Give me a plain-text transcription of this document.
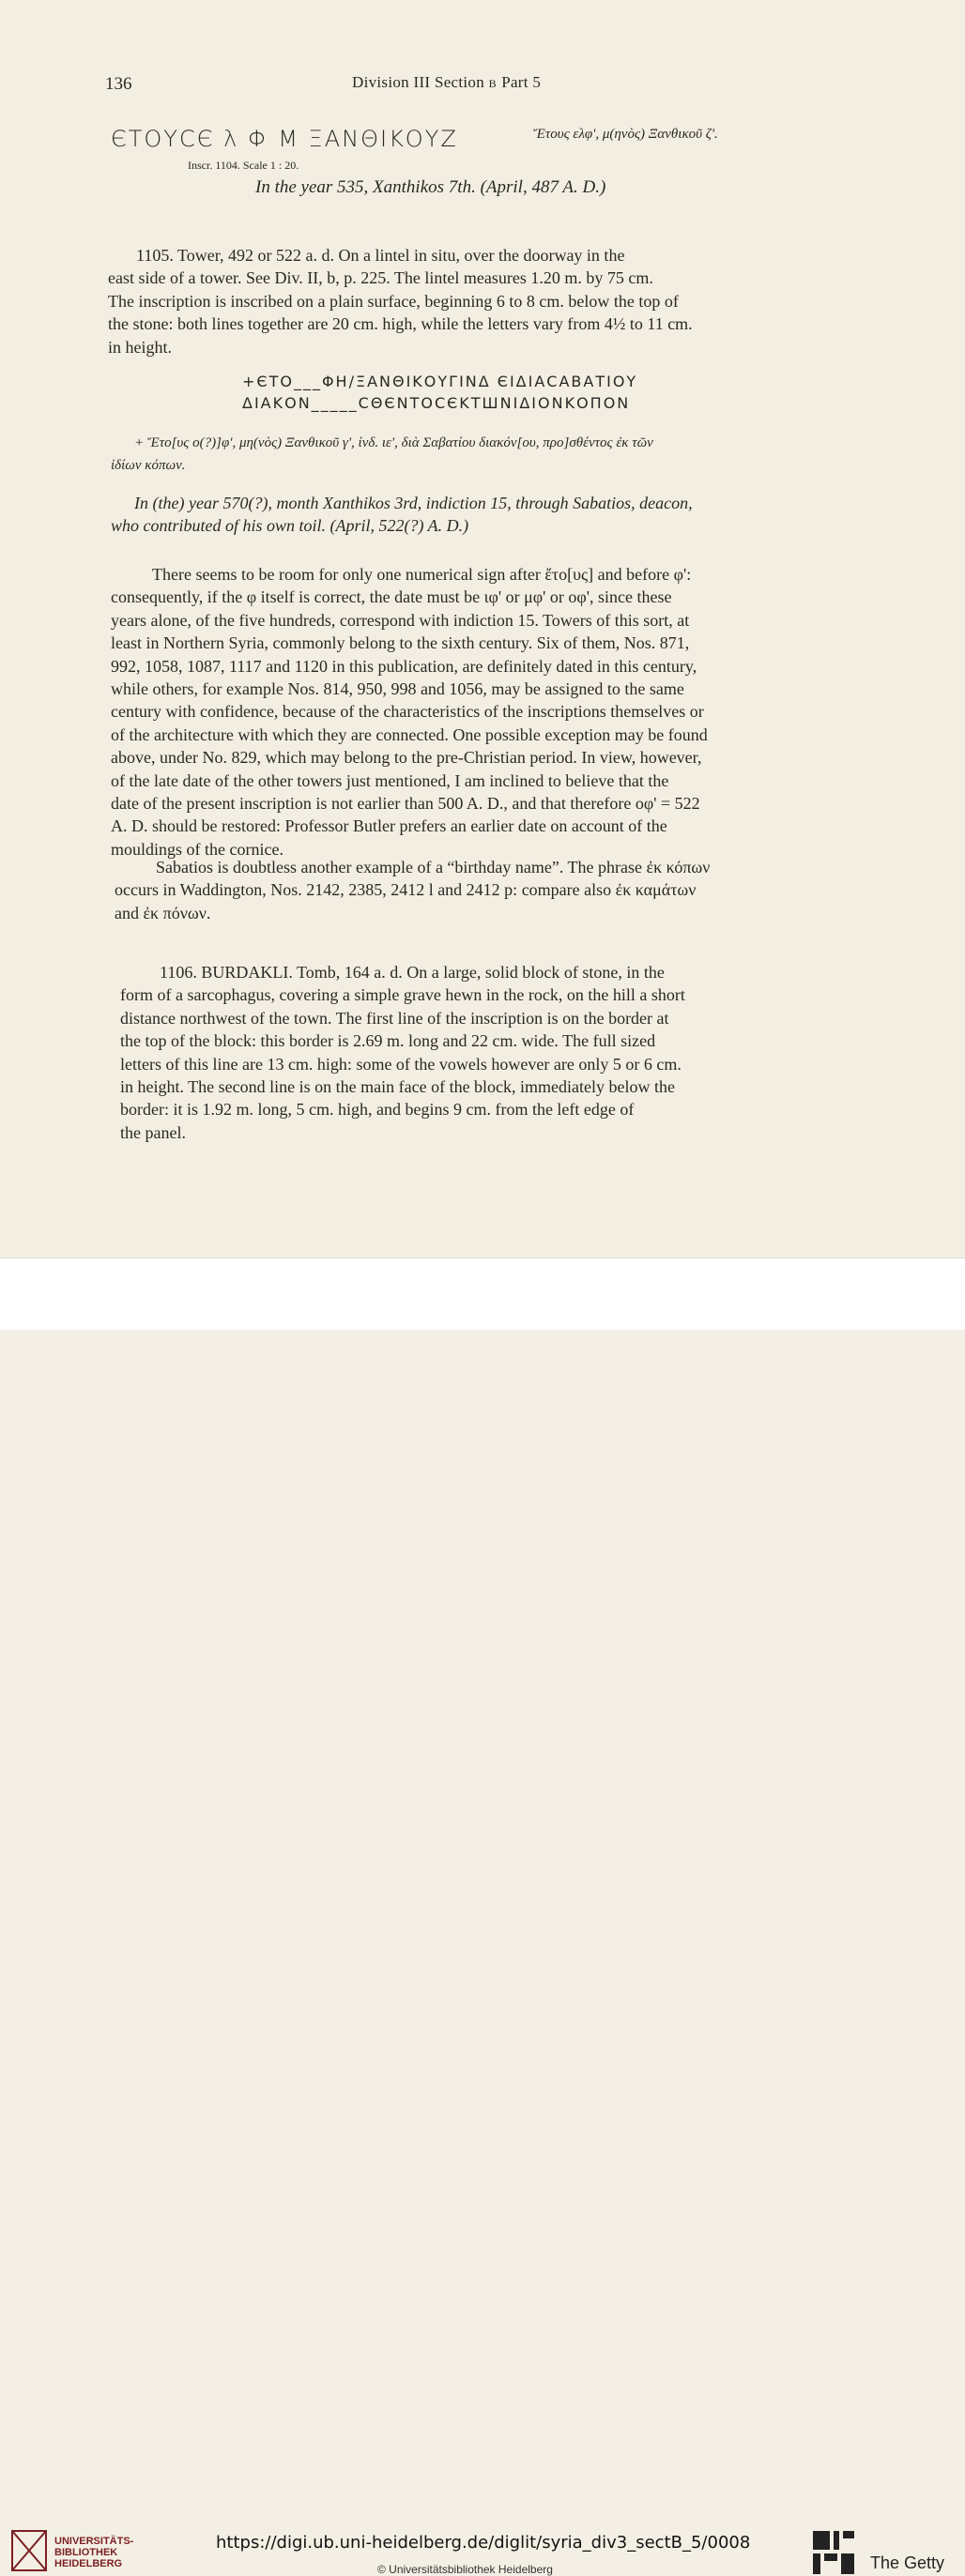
136	Division III Section B Part 5
ЄΤΟΥCЄ λ Φ Μ ΞΑΝΘΙΚΟΥΖ	Ἔτους ελφ', μ(ηνὸς) Ξανθικοῦ ζ'.
Inscr. 1104. Scale 1 : 20.
In the year 535, Xanthikos 7th. (April, 487 A. D.)
1105. Tower, 492 or 522 a. d. On a lintel in situ, over the doorway in the
east side of a tower. See Div. II, b, p. 225. The lintel measures 1.20 m. by 75 cm.
The inscription is inscribed on a plain surface, beginning 6 to 8 cm. below the top of
the stone: both lines together are 20 cm. high, while the letters vary from 4½ to 11 cm.
in height.
+ЄΤΟ___ΦΗ/ΞΑΝΘΙΚΟΥΓΙΝΔ ЄΙΔΙΑCΑΒΑΤΙΟΥ
ΔΙΑΚΟΝ_____CΘЄΝΤΟCЄΚΤШΝΙΔΙΟΝΚΟΠΟΝ
+ Ἔτο[υς ο(?)]φ', μη(νὸς) Ξανθικοῦ γ', ἰνδ. ιε', διὰ Σαβατίου διακόν[ου, προ]σθέντος ἐκ τῶν
ἰδίων κόπων.
In (the) year 570(?), month Xanthikos 3rd, indiction 15, through Sabatios, deacon,
who contributed of his own toil. (April, 522(?) A. D.)
There seems to be room for only one numerical sign after ἔτο[υς] and before φ':
consequently, if the φ itself is correct, the date must be ιφ' or μφ' or οφ', since these
years alone, of the five hundreds, correspond with indiction 15. Towers of this sort, at
least in Northern Syria, commonly belong to the sixth century. Six of them, Nos. 871,
992, 1058, 1087, 1117 and 1120 in this publication, are definitely dated in this century,
while others, for example Nos. 814, 950, 998 and 1056, may be assigned to the same
century with confidence, because of the characteristics of the inscriptions themselves or
of the architecture with which they are connected. One possible exception may be found
above, under No. 829, which may belong to the pre-Christian period. In view, however,
of the late date of the other towers just mentioned, I am inclined to believe that the
date of the present inscription is not earlier than 500 A. D., and that therefore οφ' = 522
A. D. should be restored: Professor Butler prefers an earlier date on account of the
mouldings of the cornice.
Sabatios is doubtless another example of a “birthday name”. The phrase ἐκ κόπων
occurs in Waddington, Nos. 2142, 2385, 2412 l and 2412 p: compare also ἐκ καμάτων
and ἐκ πόνων.
1106. BURDAKLI. Tomb, 164 a. d. On a large, solid block of stone, in the
form of a sarcophagus, covering a simple grave hewn in the rock, on the hill a short
distance northwest of the town. The first line of the inscription is on the border at
the top of the block: this border is 2.69 m. long and 22 cm. wide. The full sized
letters of this line are 13 cm. high: some of the vowels however are only 5 or 6 cm.
in height. The second line is on the main face of the block, immediately below the
border: it is 1.92 m. long, 5 cm. high, and begins 9 cm. from the left edge of
the panel.
UNIVERSITÄTS-
BIBLIOTHEK
HEIDELBERG
https://digi.ub.uni-heidelberg.de/diglit/syria_div3_sectB_5/0008
© Universitätsbibliothek Heidelberg	The Getty
